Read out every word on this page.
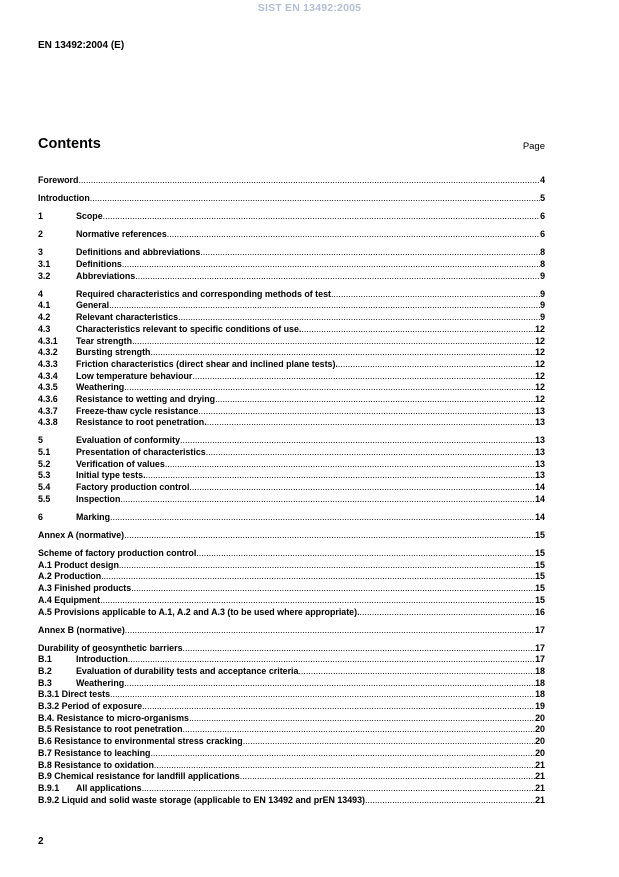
SIST EN 13492:2005
EN 13492:2004 (E)
Contents	Page
Foreword .....	4
Introduction .....	5
1	Scope .....	6
2	Normative references .....	6
3	Definitions and abbreviations .....	8
3.1	Definitions .....	8
3.2	Abbreviations .....	9
4	Required characteristics and corresponding methods of test .....	9
4.1	General .....	9
4.2	Relevant characteristics .....	9
4.3	Characteristics relevant to specific conditions of use. .....	12
4.3.1	Tear strength .....	12
4.3.2	Bursting strength .....	12
4.3.3	Friction characteristics (direct shear and inclined plane tests). .....	12
4.3.4	Low temperature behaviour .....	12
4.3.5	Weathering .....	12
4.3.6	Resistance to wetting and drying .....	12
4.3.7	Freeze-thaw cycle resistance .....	13
4.3.8	Resistance to root penetration. .....	13
5	Evaluation of conformity .....	13
5.1	Presentation of characteristics .....	13
5.2	Verification of values .....	13
5.3	Initial type tests. .....	13
5.4	Factory production control .....	14
5.5	Inspection .....	14
6	Marking .....	14
Annex A (normative) .....	15
Scheme of factory production control .....	15
A.1 Product design .....	15
A.2 Production .....	15
A.3 Finished products .....	15
A.4 Equipment .....	15
A.5 Provisions applicable to A.1, A.2 and A.3 (to be used where appropriate). .....	16
Annex B (normative) .....	17
Durability of geosynthetic barriers .....	17
B.1	Introduction .....	17
B.2	Evaluation of durability tests and acceptance criteria .....	18
B.3	Weathering .....	18
B.3.1 Direct tests .....	18
B.3.2 Period of exposure .....	19
B.4. Resistance to micro-organisms .....	20
B.5 Resistance to root penetration .....	20
B.6 Resistance to environmental stress cracking .....	20
B.7 Resistance to leaching .....	20
B.8 Resistance to oxidation .....	21
B.9 Chemical resistance for landfill applications .....	21
B.9.1	All applications .....	21
B.9.2 Liquid and solid waste storage (applicable to EN 13492 and prEN 13493) .....	21
2
